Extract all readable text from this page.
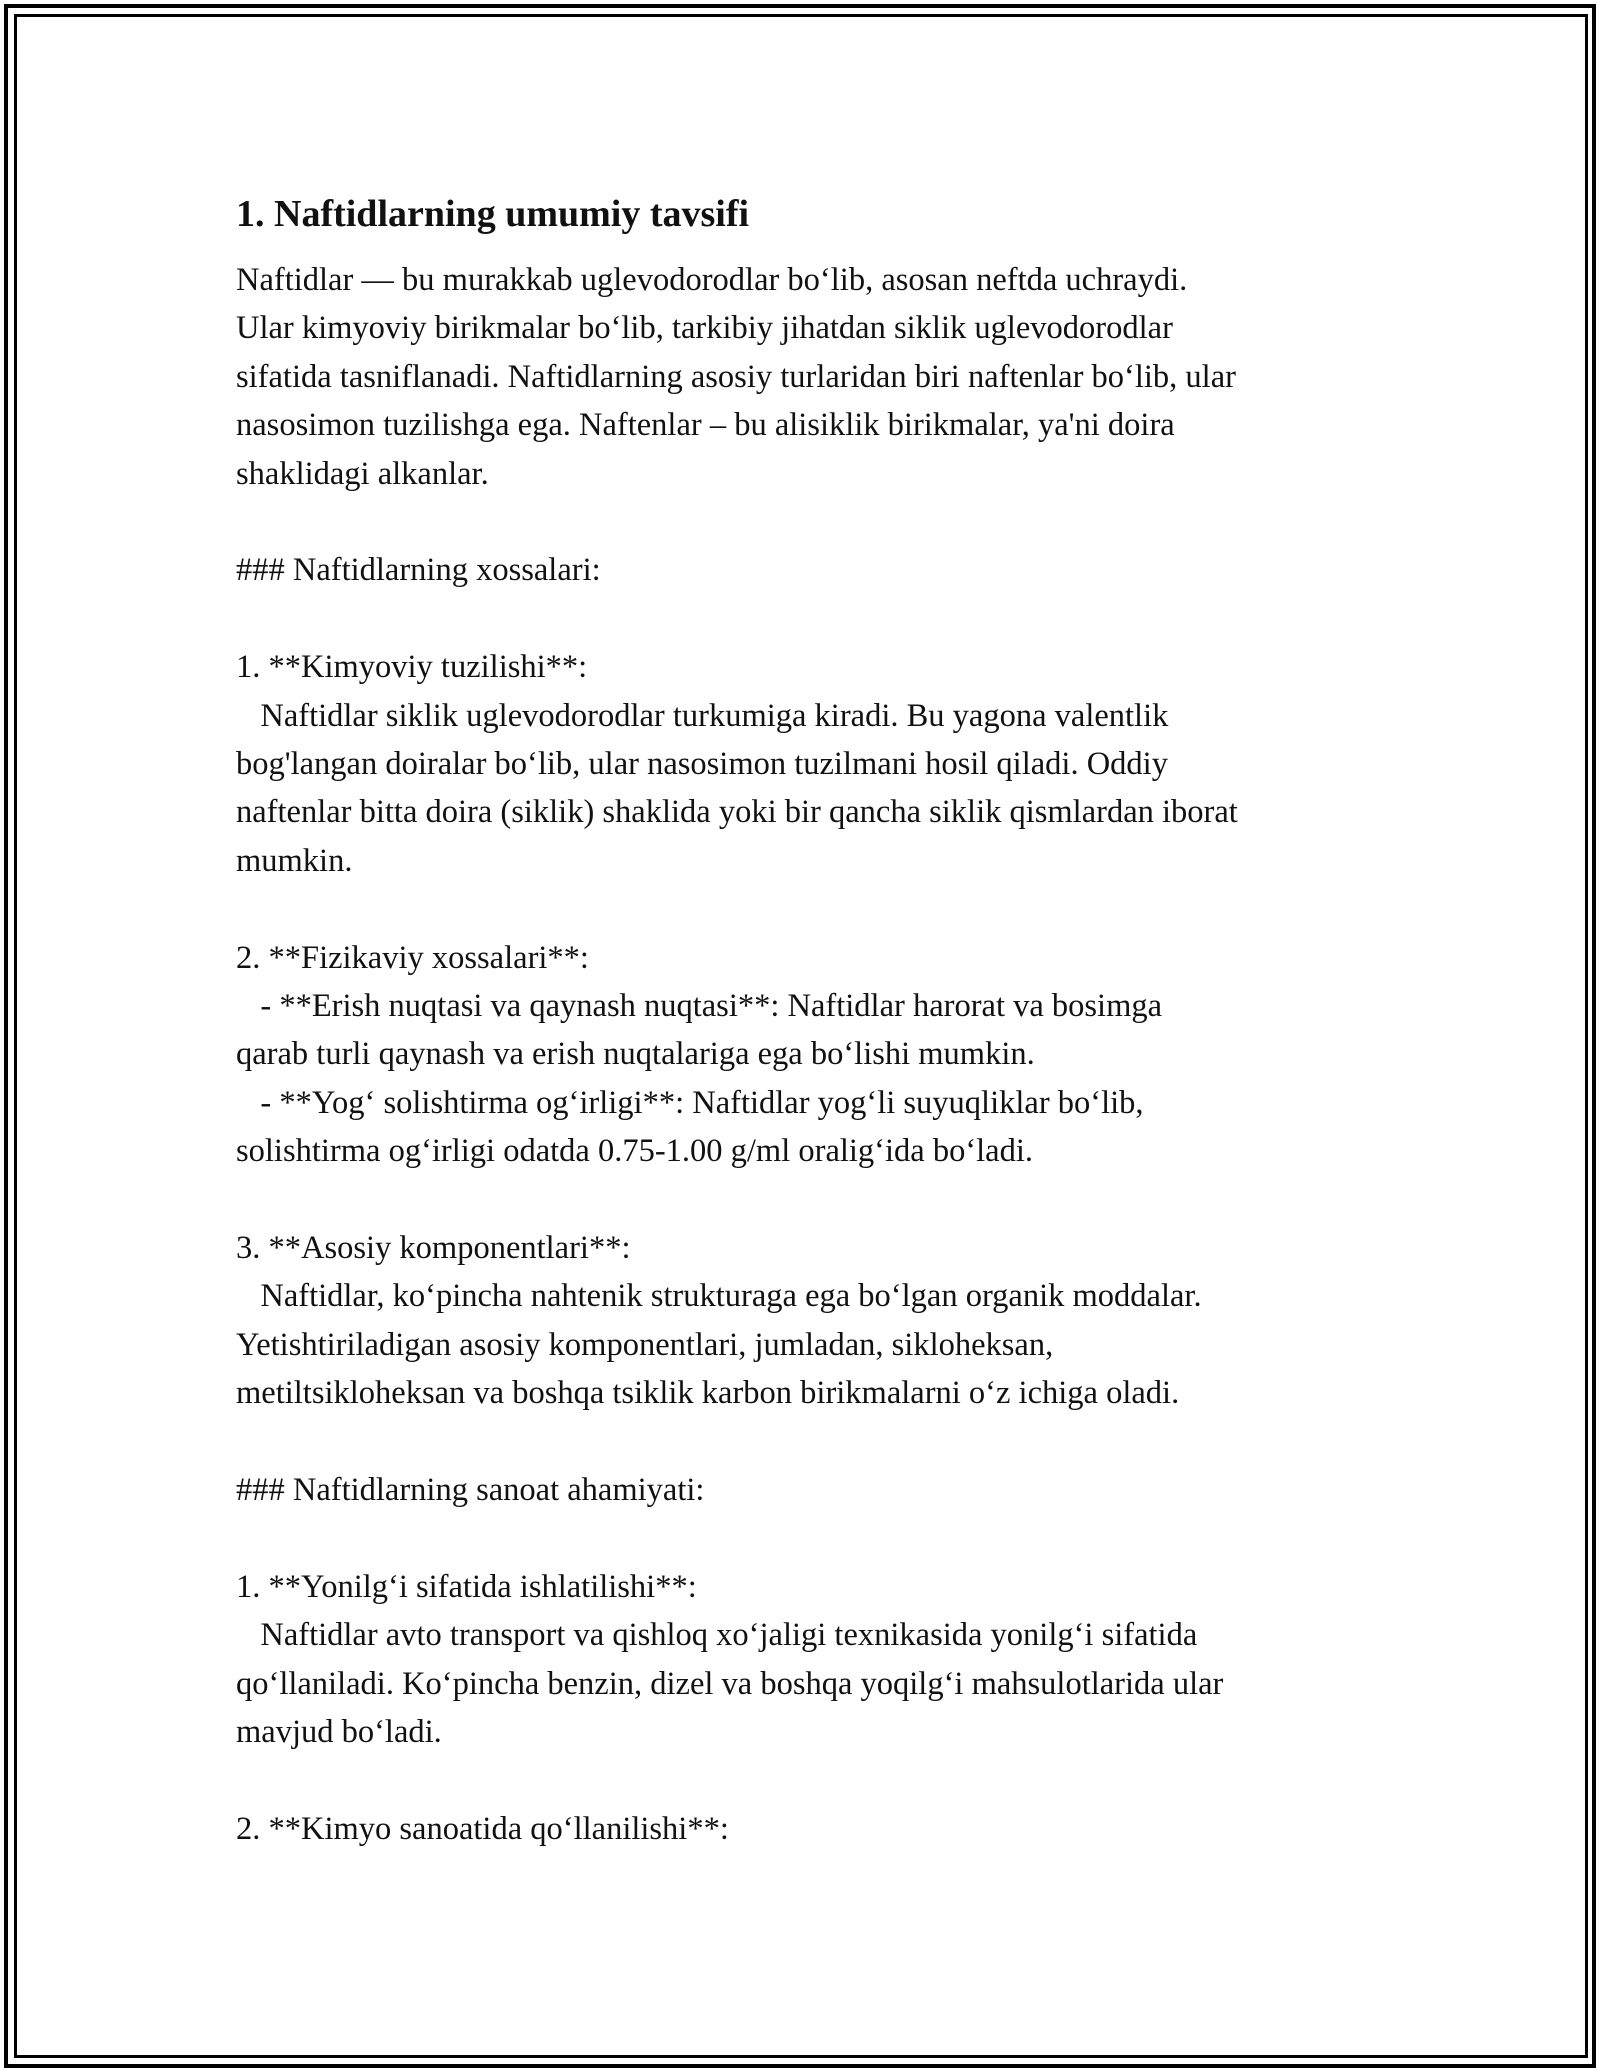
1. Naftidlarning umumiy tavsifi

Naftidlar — bu murakkab uglevodorodlar bo‘lib, asosan neftda uchraydi.
Ular kimyoviy birikmalar bo‘lib, tarkibiy jihatdan siklik uglevodorodlar
sifatida tasniflanadi. Naftidlarning asosiy turlaridan biri naftenlar bo‘lib, ular
nasosimon tuzilishga ega. Naftenlar – bu alisiklik birikmalar, ya'ni doira
shaklidagi alkanlar.

### Naftidlarning xossalari:

1. **Kimyoviy tuzilishi**:

Naftidlar siklik uglevodorodlar turkumiga kiradi. Bu yagona valentlik
bog'langan doiralar bo‘lib, ular nasosimon tuzilmani hosil qiladi. Oddiy
naftenlar bitta doira (siklik) shaklida yoki bir qancha siklik qismlardan iborat
mumkin.

2. **Fizikaviy xossalari**:

- **Erish nuqtasi va qaynash nuqtasi**: Naftidlar harorat va bosimga
qarab turli qaynash va erish nuqtalariga ega bo‘lishi mumkin.
- **Yog‘ solishtirma og‘irligi**: Naftidlar yog‘li suyuqliklar bo‘lib,
solishtirma og‘irligi odatda 0.75-1.00 g/ml oralig‘ida bo‘ladi.

3. **Asosiy komponentlari**:

Naftidlar, ko‘pincha nahtenik strukturaga ega bo‘lgan organik moddalar.
Yetishtiriladigan asosiy komponentlari, jumladan, sikloheksan,
metiltsikloheksan va boshqa tsiklik karbon birikmalarni o‘z ichiga oladi.

### Naftidlarning sanoat ahamiyati:

1. **Yonilg‘i sifatida ishlatilishi**:

Naftidlar avto transport va qishloq xo‘jaligi texnikasida yonilg‘i sifatida
qo‘llaniladi. Ko‘pincha benzin, dizel va boshqa yoqilg‘i mahsulotlarida ular
mavjud bo‘ladi.

2. **Kimyo sanoatida qo‘llanilishi**:
